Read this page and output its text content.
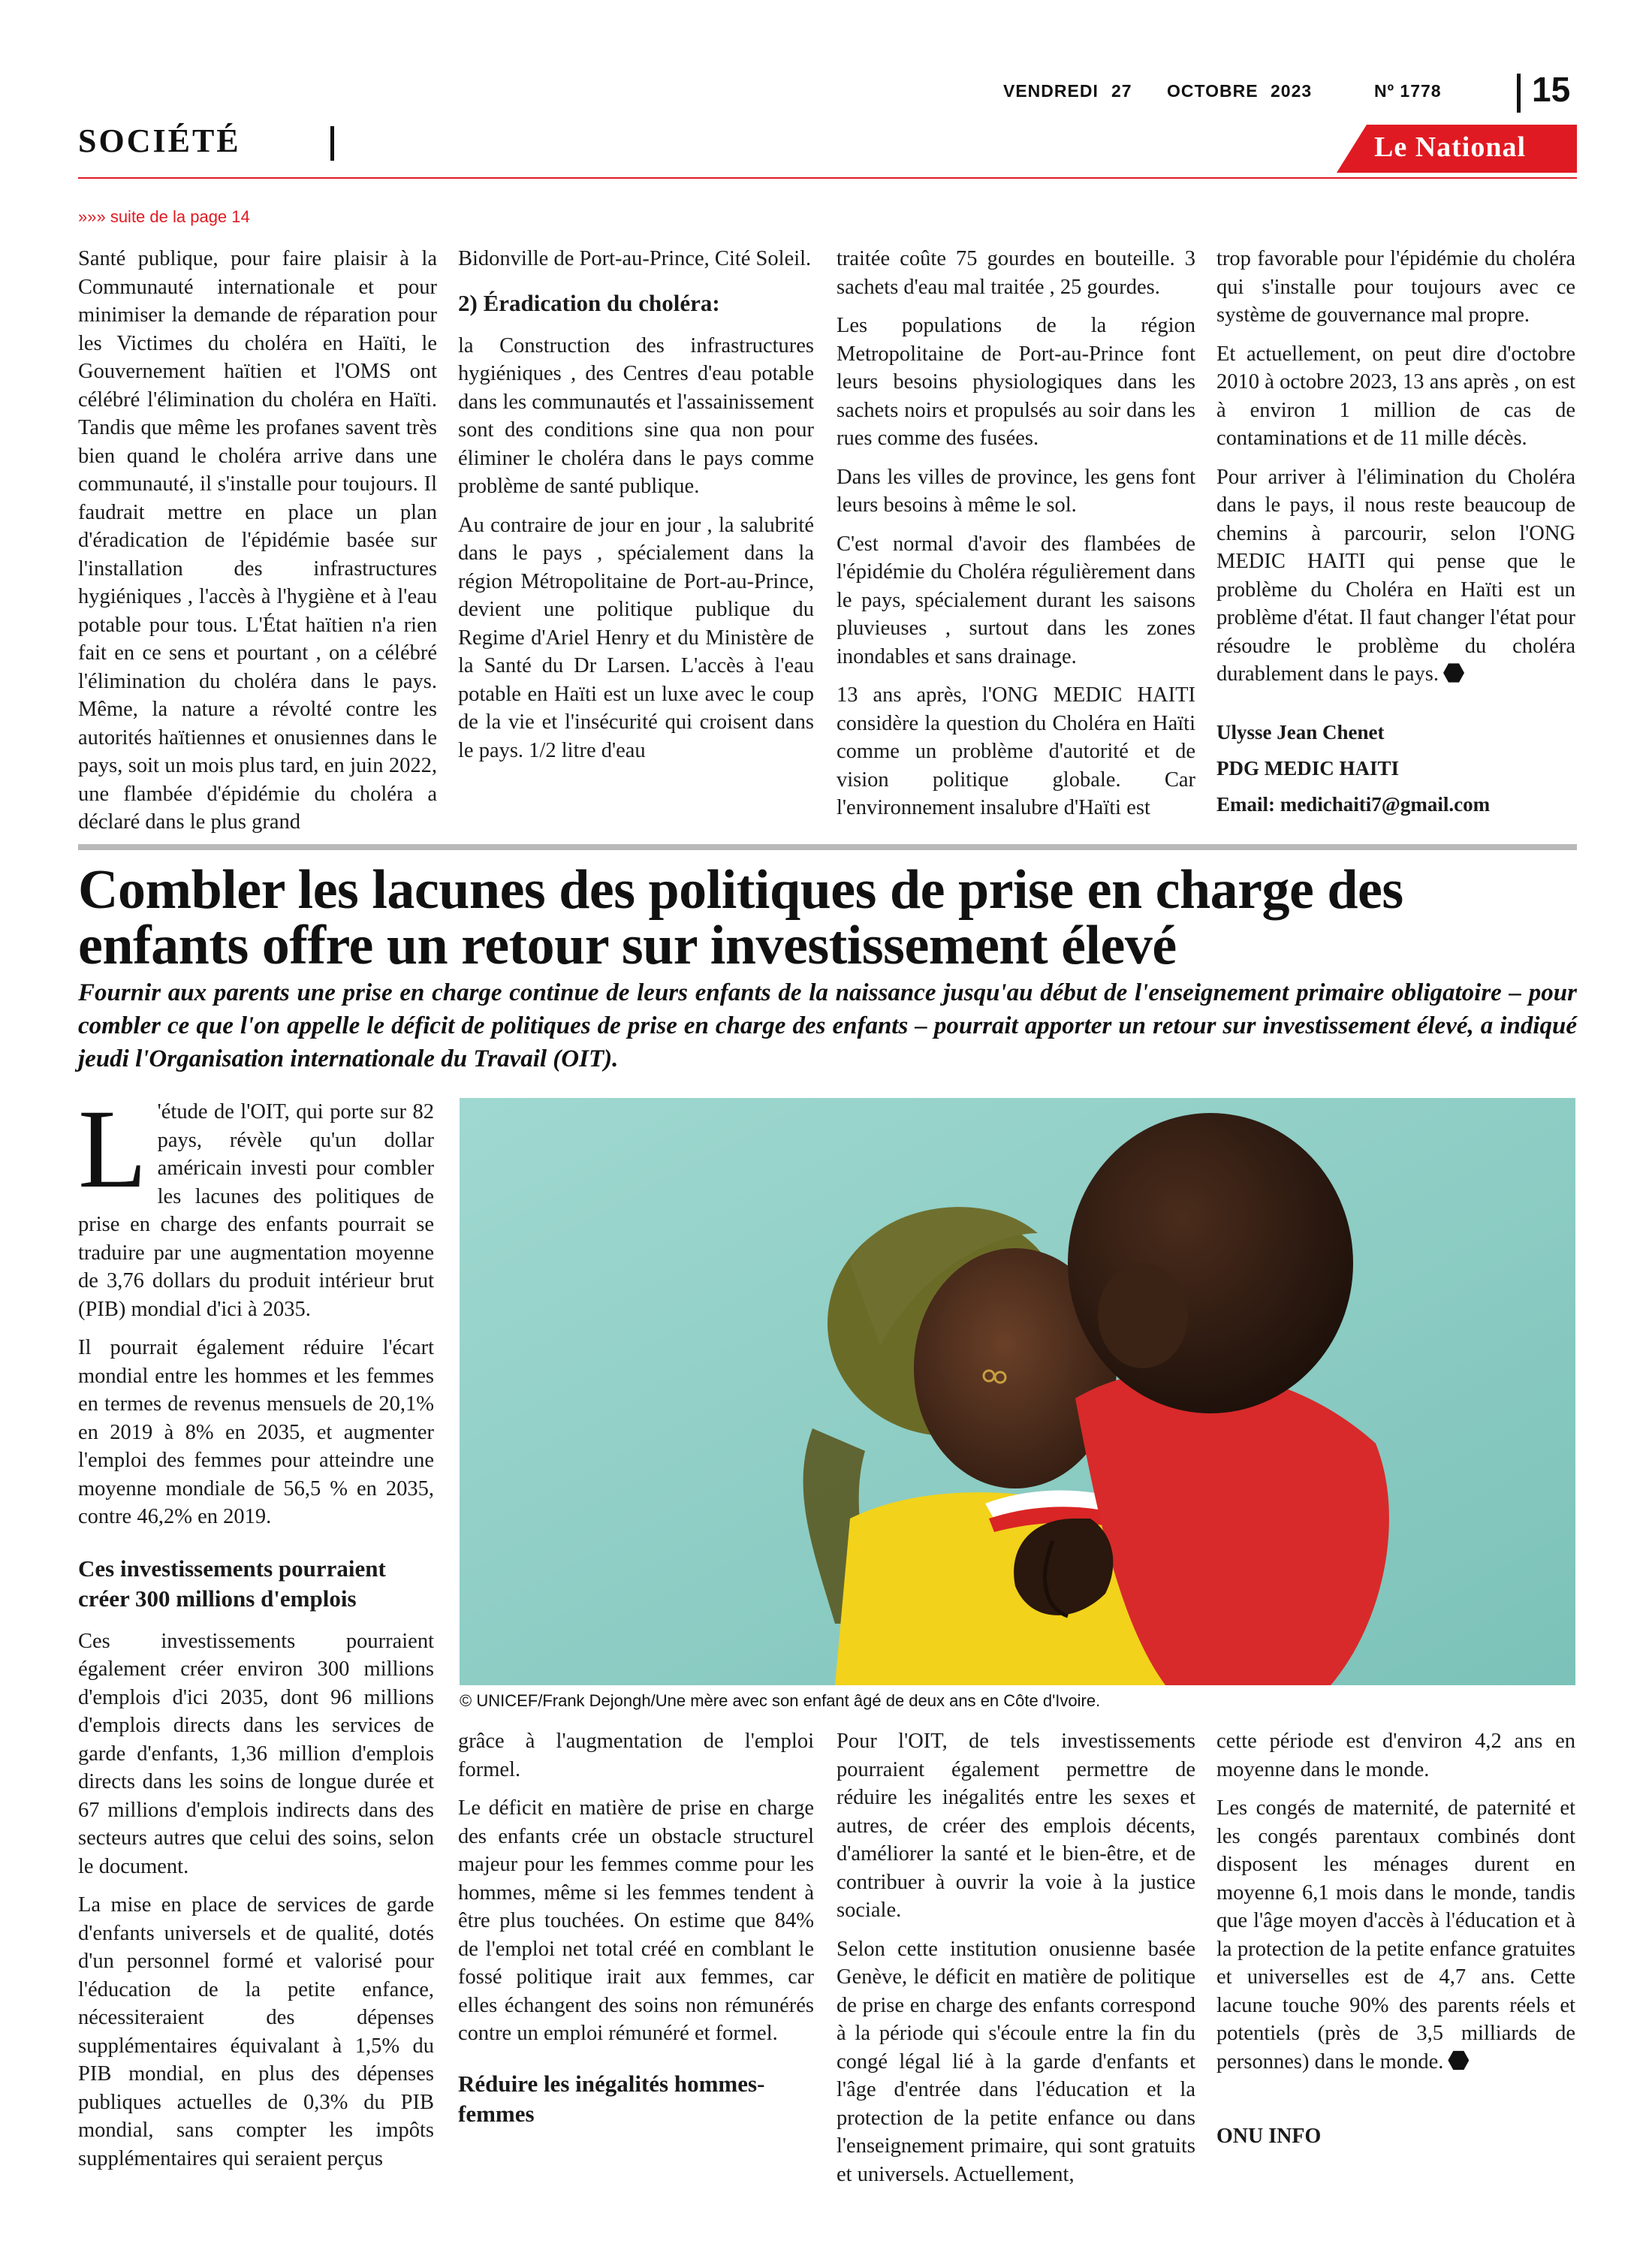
VENDREDI 27 OCTOBRE 2023	Nº 1778	15
SOCIÉTÉ	Le National
»»» suite de la page 14

Santé publique, pour faire plaisir à la Communauté internationale et pour minimiser la demande de réparation pour les Victimes du choléra en Haïti, le Gouvernement haïtien et l'OMS ont célébré l'élimination du choléra en Haïti. Tandis que même les profanes savent très bien quand le choléra arrive dans une communauté, il s'installe pour toujours. Il faudrait mettre en place un plan d'éradication de l'épidémie basée sur l'installation des infrastructures hygiéniques , l'accès à l'hygiène et à l'eau potable pour tous. L'État haïtien n'a rien fait en ce sens et pourtant , on a célébré l'élimination du choléra dans le pays. Même, la nature a révolté contre les autorités haïtiennes et onusiennes dans le pays, soit un mois plus tard, en juin 2022, une flambée d'épidémie du choléra a déclaré dans le plus grand

Bidonville de Port-au-Prince, Cité Soleil.

2) Éradication du choléra:

la Construction des infrastructures hygiéniques , des Centres d'eau potable dans les communautés et l'assainissement sont des conditions sine qua non pour éliminer le choléra dans le pays comme problème de santé publique.

Au contraire de jour en jour , la salubrité dans le pays , spécialement dans la région Métropolitaine de Port-au-Prince, devient une politique publique du Regime d'Ariel Henry et du Ministère de la Santé du Dr Larsen. L'accès à l'eau potable en Haïti est un luxe avec le coup de la vie et l'insécurité qui croisent dans le pays. 1/2 litre d'eau

traitée coûte 75 gourdes en bouteille. 3 sachets d'eau mal traitée , 25 gourdes.

Les populations de la région Metropolitaine de Port-au-Prince font leurs besoins physiologiques dans les sachets noirs et propulsés au soir dans les rues comme des fusées.

Dans les villes de province, les gens font leurs besoins à même le sol.

C'est normal d'avoir des flambées de l'épidémie du Choléra régulièrement dans le pays, spécialement durant les saisons pluvieuses , surtout dans les zones inondables et sans drainage.

13 ans après, l'ONG MEDIC HAITI considère la question du Choléra en Haïti comme un problème d'autorité et de vision politique globale. Car l'environnement insalubre d'Haïti est

trop favorable pour l'épidémie du choléra qui s'installe pour toujours avec ce système de gouvernance mal propre.

Et actuellement, on peut dire d'octobre 2010 à octobre 2023, 13 ans après , on est à environ 1 million de cas de contaminations et de 11 mille décès.

Pour arriver à l'élimination du Choléra dans le pays, il nous reste beaucoup de chemins à parcourir, selon l'ONG MEDIC HAITI qui pense que le problème du Choléra en Haïti est un problème d'état. Il faut changer l'état pour résoudre le problème du choléra durablement dans le pays.

Ulysse Jean Chenet
PDG MEDIC HAITI
Email: medichaiti7@gmail.com
Combler les lacunes des politiques de prise en charge des enfants offre un retour sur investissement élevé
Fournir aux parents une prise en charge continue de leurs enfants de la naissance jusqu'au début de l'enseignement primaire obligatoire – pour combler ce que l'on appelle le déficit de politiques de prise en charge des enfants – pourrait apporter un retour sur investissement élevé, a indiqué jeudi l'Organisation internationale du Travail (OIT).

L 'étude de l'OIT, qui porte sur 82 pays, révèle qu'un dollar américain investi pour combler les lacunes des politiques de prise en charge des enfants pourrait se traduire par une augmentation moyenne de 3,76 dollars du produit intérieur brut (PIB) mondial d'ici à 2035.

Il pourrait également réduire l'écart mondial entre les hommes et les femmes en termes de revenus mensuels de 20,1% en 2019 à 8% en 2035, et augmenter l'emploi des femmes pour atteindre une moyenne mondiale de 56,5 % en 2035, contre 46,2% en 2019.

Ces investissements pourraient créer 300 millions d'emplois

Ces investissements pourraient également créer environ 300 millions d'emplois d'ici 2035, dont 96 millions d'emplois directs dans les services de garde d'enfants, 1,36 million d'emplois directs dans les soins de longue durée et 67 millions d'emplois indirects dans des secteurs autres que celui des soins, selon le document.

La mise en place de services de garde d'enfants universels et de qualité, dotés d'un personnel formé et valorisé pour l'éducation de la petite enfance, nécessiteraient des dépenses supplémentaires équivalant à 1,5% du PIB mondial, en plus des dépenses publiques actuelles de 0,3% du PIB mondial, sans compter les impôts supplémentaires qui seraient perçus

© UNICEF/Frank Dejongh/Une mère avec son enfant âgé de deux ans en Côte d'Ivoire.

grâce à l'augmentation de l'emploi formel.

Le déficit en matière de prise en charge des enfants crée un obstacle structurel majeur pour les femmes comme pour les hommes, même si les femmes tendent à être plus touchées. On estime que 84% de l'emploi net total créé en comblant le fossé politique irait aux femmes, car elles échangent des soins non rémunérés contre un emploi rémunéré et formel.

Réduire les inégalités hommes-femmes

Pour l'OIT, de tels investissements pourraient également permettre de réduire les inégalités entre les sexes et autres, de créer des emplois décents, d'améliorer la santé et le bien-être, et de contribuer à ouvrir la voie à la justice sociale.

Selon cette institution onusienne basée Genève, le déficit en matière de politique de prise en charge des enfants correspond à la période qui s'écoule entre la fin du congé légal lié à la garde d'enfants et l'âge d'entrée dans l'éducation et la protection de la petite enfance ou dans l'enseignement primaire, qui sont gratuits et universels. Actuellement,

cette période est d'environ 4,2 ans en moyenne dans le monde.

Les congés de maternité, de paternité et les congés parentaux combinés dont disposent les ménages durent en moyenne 6,1 mois dans le monde, tandis que l'âge moyen d'accès à l'éducation et à la protection de la petite enfance gratuites et universelles est de 4,7 ans. Cette lacune touche 90% des parents réels et potentiels (près de 3,5 milliards de personnes) dans le monde.

ONU INFO
